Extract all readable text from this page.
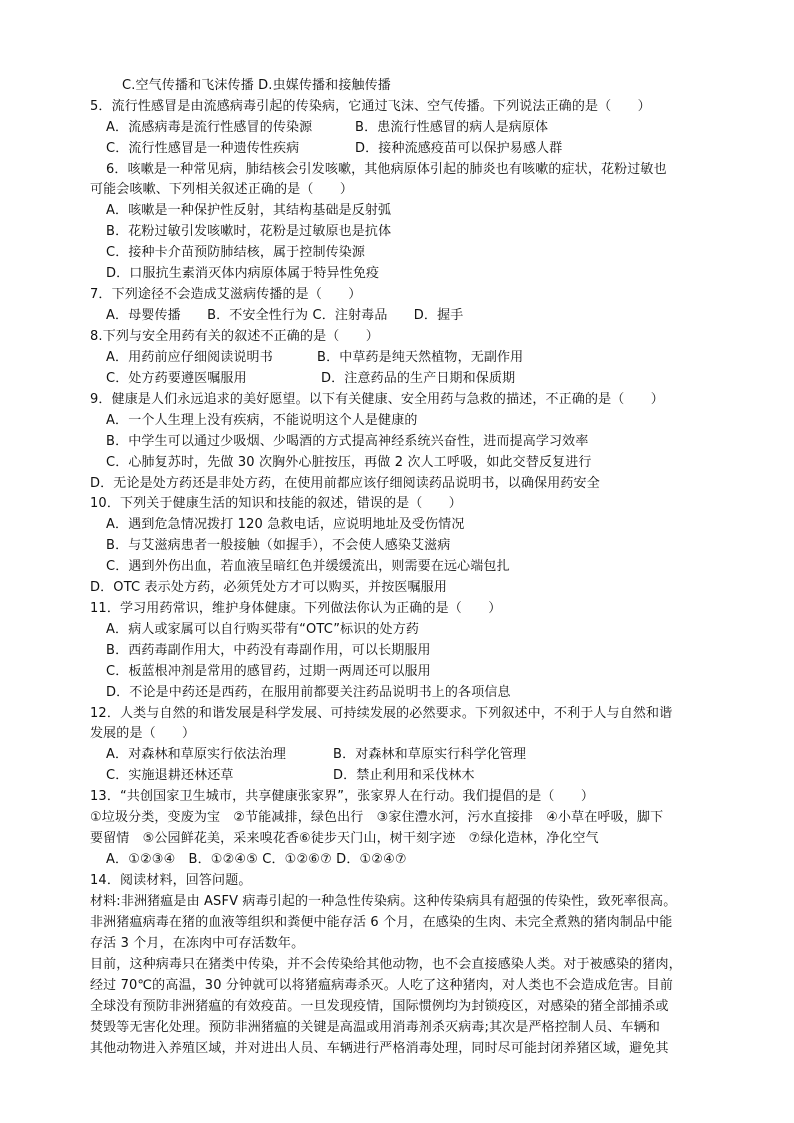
C.空气传播和飞沫传播 D.虫媒传播和接触传播
5．流行性感冒是由流感病毒引起的传染病，它通过飞沫、空气传播。下列说法正确的是（　　）
A．流感病毒是流行性感冒的传染源	B．患流行性感冒的病人是病原体
C．流行性感冒是一种遗传性疾病	D．接种流感疫苗可以保护易感人群
6．咳嗽是一种常见病，肺结核会引发咳嗽，其他病原体引起的肺炎也有咳嗽的症状，花粉过敏也
可能会咳嗽、下列相关叙述正确的是（　　）
A．咳嗽是一种保护性反射，其结构基础是反射弧
B．花粉过敏引发咳嗽时，花粉是过敏原也是抗体
C．接种卡介苗预防肺结核，属于控制传染源
D．口服抗生素消灭体内病原体属于特异性免疫
7．下列途径不会造成艾滋病传播的是（　　）
A．母婴传播　　B．不安全性行为 C．注射毒品　　D．握手
8.下列与安全用药有关的叙述不正确的是（　　）
A．用药前应仔细阅读说明书	B．中草药是纯天然植物，无副作用
C．处方药要遵医嘱服用	D．注意药品的生产日期和保质期
9．健康是人们永远追求的美好愿望。以下有关健康、安全用药与急救的描述，不正确的是（　　）
A．一个人生理上没有疾病，不能说明这个人是健康的
B．中学生可以通过少吸烟、少喝酒的方式提高神经系统兴奋性，进而提高学习效率
C．心肺复苏时，先做 30 次胸外心脏按压，再做 2 次人工呼吸，如此交替反复进行
D．无论是处方药还是非处方药，在使用前都应该仔细阅读药品说明书，以确保用药安全
10．下列关于健康生活的知识和技能的叙述，错误的是（　　）
A．遇到危急情况拨打 120 急救电话，应说明地址及受伤情况
B．与艾滋病患者一般接触（如握手），不会使人感染艾滋病
C．遇到外伤出血，若血液呈暗红色并缓缓流出，则需要在远心端包扎
D．OTC 表示处方药，必须凭处方才可以购买，并按医嘱服用
11．学习用药常识，维护身体健康。下列做法你认为正确的是（　　）
A．病人或家属可以自行购买带有“OTC”标识的处方药
B．西药毒副作用大，中药没有毒副作用，可以长期服用
C．板蓝根冲剂是常用的感冒药，过期一两周还可以服用
D．不论是中药还是西药，在服用前都要关注药品说明书上的各项信息
12．人类与自然的和谐发展是科学发展、可持续发展的必然要求。下列叙述中，不利于人与自然和谐
发展的是（　　）
A．对森林和草原实行依法治理	B．对森林和草原实行科学化管理
C．实施退耕还林还草	D．禁止利用和采伐林木
13．“共创国家卫生城市，共享健康张家界”，张家界人在行动。我们提倡的是（　　）
①垃圾分类，变废为宝　②节能减排，绿色出行　③家住澧水河，污水直接排　④小草在呼吸，脚下
要留情　⑤公园鲜花美，采来嗅花香⑥徒步天门山，树干刻字迹　⑦绿化造林，净化空气
A．①②③④　B．①②④⑤ C．①②⑥⑦ D．①②④⑦
14．阅读材料，回答问题。
材料:非洲猪瘟是由 ASFV 病毒引起的一种急性传染病。这种传染病具有超强的传染性，致死率很高。
非洲猪瘟病毒在猪的血液等组织和粪便中能存活 6 个月，在感染的生肉、未完全煮熟的猪肉制品中能
存活 3 个月，在冻肉中可存活数年。
目前，这种病毒只在猪类中传染，并不会传染给其他动物，也不会直接感染人类。对于被感染的猪肉，
经过 70℃的高温，30 分钟就可以将猪瘟病毒杀灭。人吃了这种猪肉，对人类也不会造成危害。目前
全球没有预防非洲猪瘟的有效疫苗。一旦发现疫情，国际惯例均为封锁疫区，对感染的猪全部捕杀或
焚毁等无害化处理。预防非洲猪瘟的关键是高温或用消毒剂杀灭病毒;其次是严格控制人员、车辆和
其他动物进入养殖区域，并对进出人员、车辆进行严格消毒处理，同时尽可能封闭养猪区域，避免其
